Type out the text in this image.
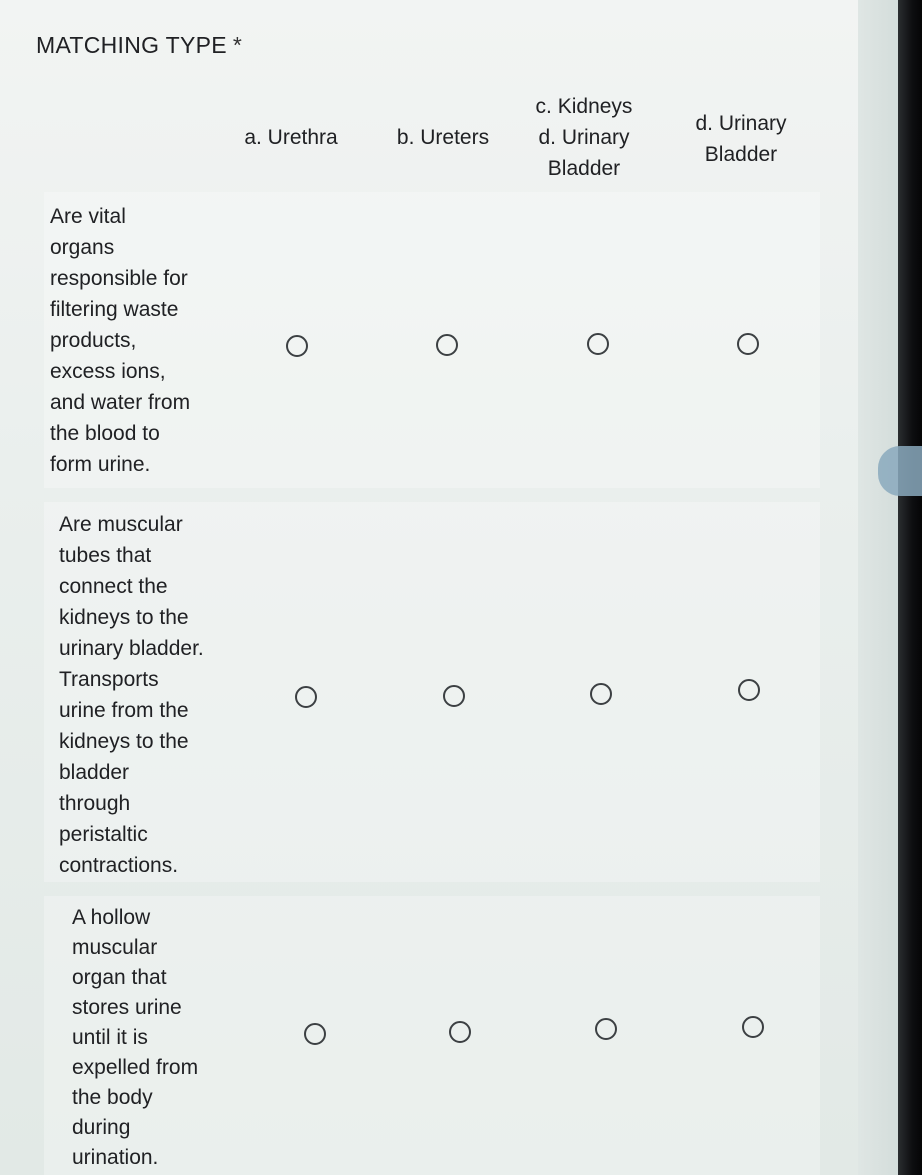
MATCHING TYPE *
a. Urethra	b. Ureters
c. Kidneys
d. Urinary
Bladder
d. Urinary
Bladder
Are vital
organs
responsible for
filtering waste
products,
excess ions,
and water from
the blood to
form urine.
Are muscular
tubes that
connect the
kidneys to the
urinary bladder.
Transports
urine from the
kidneys to the
bladder
through
peristaltic
contractions.
A hollow
muscular
organ that
stores urine
until it is
expelled from
the body
during
urination.
